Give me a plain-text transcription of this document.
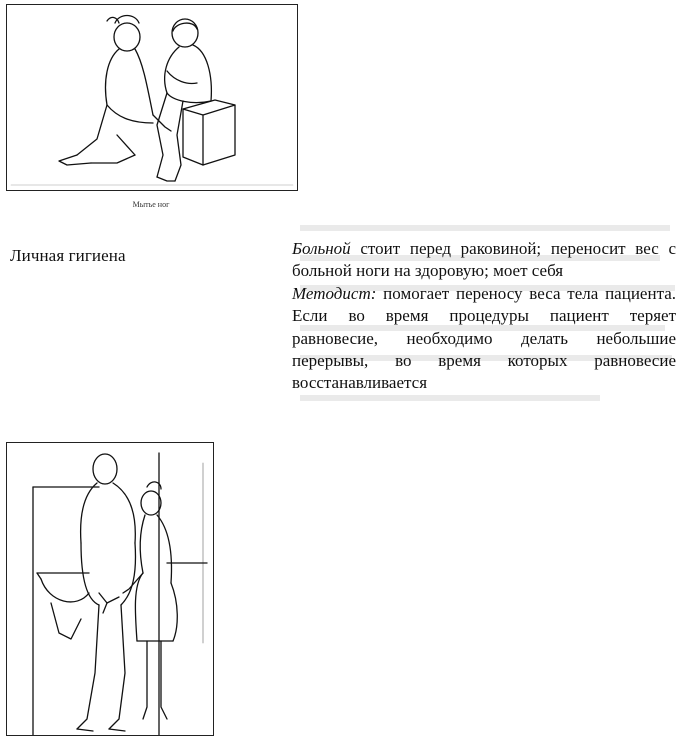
Мытье ног
Личная гигиена	Больной стоит перед раковиной; переносит вес с больной ноги на здоровую; моет себя

Методист: помогает переносу веса тела пациента. Если во время процедуры пациент теряет равновесие, необходимо делать небольшие перерывы, во время которых равновесие восстанавливается
